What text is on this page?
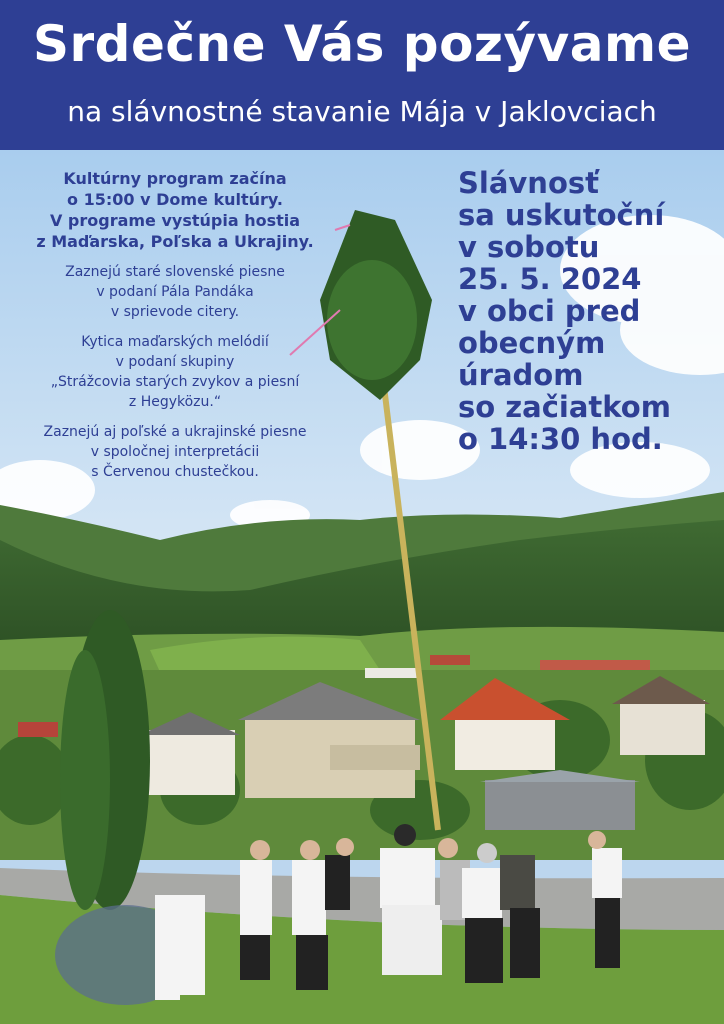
Srdečne Vás pozývame
na slávnostné stavanie Mája v Jaklovciach
Kultúrny program začína
o 15:00 v Dome kultúry.
V programe vystúpia hostia
z Maďarska, Poľska a Ukrajiny.
Zaznejú staré slovenské piesne
v podaní Pála Pandáka
v sprievode citery.
Kytica maďarských melódií
v podaní skupiny
„Strážcovia starých zvykov a piesní
z Hegyközu.“
Zaznejú aj poľské a ukrajinské piesne
v spoločnej interpretácii
s Červenou chustečkou.
Slávnosť
sa uskutoční
v sobotu
25. 5. 2024
v obci pred
obecným
úradom
so začiatkom
o 14:30 hod.
